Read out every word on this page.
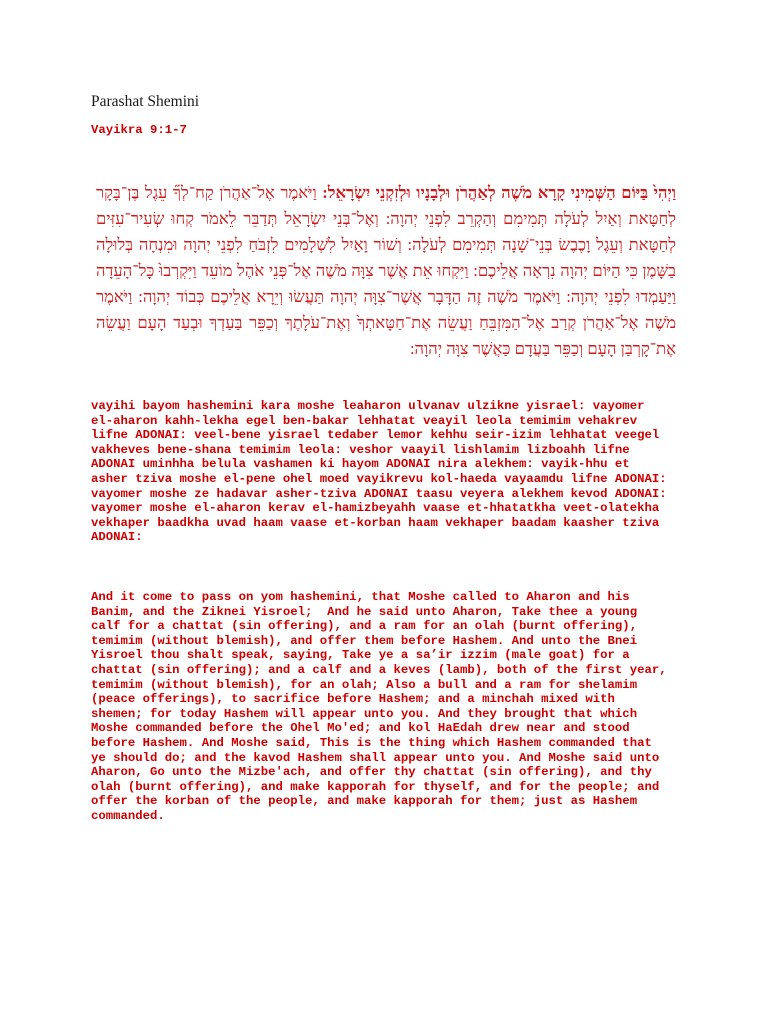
Parashat Shemini
Vayikra 9:1-7

וַיְהִי֙ בַּיּוֹם הַשְּׁמִינִי קָרָא מֹשֶׁה לְאַהֲרֹן וּלְבָנָיו וּלְזִקְנֵי יִשְׂרָאֵל: וַיֹּאמֶר אֶל־אַהֲרֹן קַח־לְךָ֞ עֵגֶל בֶּן־בָּקָר לְחַטָּאת וְאַיִל לְעֹלָה תְּמִימִם וְהַקְרֵב לִפְנֵי יְהוָה: וְאֶל־בְּנֵי יִשְׂרָאֵל תְּדַבֵּר לֵאמֹר קְחוּ שְׂעִיר־עִזִּים לְחַטָּאת וְעֵגֶל וָכֶבֶשׂ בְּנֵי־שָׁנָה תְּמִימִם לְעֹלָה: וְשׁוֹר וָאַיִל לִשְׁלָמִים לִזְבֹּחַ לִפְנֵי יְהוָה וּמִנְחָה בְּלוּלָה בַשָּׁמֶן כִּי הַיּוֹם יְהוָה נִרְאָה אֲלֵיכֶם: וַיִּקְחוּ אֵת אֲשֶׁר צִוָּה מֹשֶׁה אֶל־פְּנֵי אֹהֶל מוֹעֵד וַיִּקְרְבוּ֙ כָּל־הָעֵדָה וַיַּעַמְדוּ לִפְנֵי יְהוָה: וַיֹּאמֶר מֹשֶׁה זֶה הַדָּבָר אֲשֶׁר־צִוָּה יְהוָה תַּעֲשׂוּ וְיֵרָא אֲלֵיכֶם כְּבוֹד יְהוָה: וַיֹּאמֶר מֹשֶׁה אֶל־אַהֲרֹן קְרַב אֶל־הַמִּזְבֵּחַ וַעֲשֵׂה אֶת־חַטָּאתְךָ֙ וְאֶת־עֹלָתֶךָ וְכַפֵּר בַּעַדְךָ וּבְעַד הָעָם וַעֲשֵׂה אֶת־קָרְבַּן הָעָם וְכַפֵּר בַּעֲדָם כַּאֲשֶׁר צִוָּה יְהוָה:

vayihi bayom hashemini kara moshe leaharon ulvanav ulzikne yisrael: vayomer
el-aharon kahh-lekha egel ben-bakar lehhatat veayil leola temimim vehakrev
lifne ADONAI: veel-bene yisrael tedaber lemor kehhu seir-izim lehhatat veegel
vakheves bene-shana temimim leola: veshor vaayil lishlamim lizboahh lifne
ADONAI uminhha belula vashamen ki hayom ADONAI nira alekhem: vayik-hhu et
asher tziva moshe el-pene ohel moed vayikrevu kol-haeda vayaamdu lifne ADONAI:
vayomer moshe ze hadavar asher-tziva ADONAI taasu veyera alekhem kevod ADONAI:
vayomer moshe el-aharon kerav el-hamizbeyahh vaase et-hhatatkha veet-olatekha
vekhaper baadkha uvad haam vaase et-korban haam vekhaper baadam kaasher tziva
ADONAI:
And it come to pass on yom hashemini, that Moshe called to Aharon and his
Banim, and the Ziknei Yisroel;  And he said unto Aharon, Take thee a young
calf for a chattat (sin offering), and a ram for an olah (burnt offering),
temimim (without blemish), and offer them before Hashem. And unto the Bnei
Yisroel thou shalt speak, saying, Take ye a sa’ir izzim (male goat) for a
chattat (sin offering); and a calf and a keves (lamb), both of the first year,
temimim (without blemish), for an olah; Also a bull and a ram for shelamim
(peace offerings), to sacrifice before Hashem; and a minchah mixed with
shemen; for today Hashem will appear unto you. And they brought that which
Moshe commanded before the Ohel Mo'ed; and kol HaEdah drew near and stood
before Hashem. And Moshe said, This is the thing which Hashem commanded that
ye should do; and the kavod Hashem shall appear unto you. And Moshe said unto
Aharon, Go unto the Mizbe'ach, and offer thy chattat (sin offering), and thy
olah (burnt offering), and make kapporah for thyself, and for the people; and
offer the korban of the people, and make kapporah for them; just as Hashem
commanded.
